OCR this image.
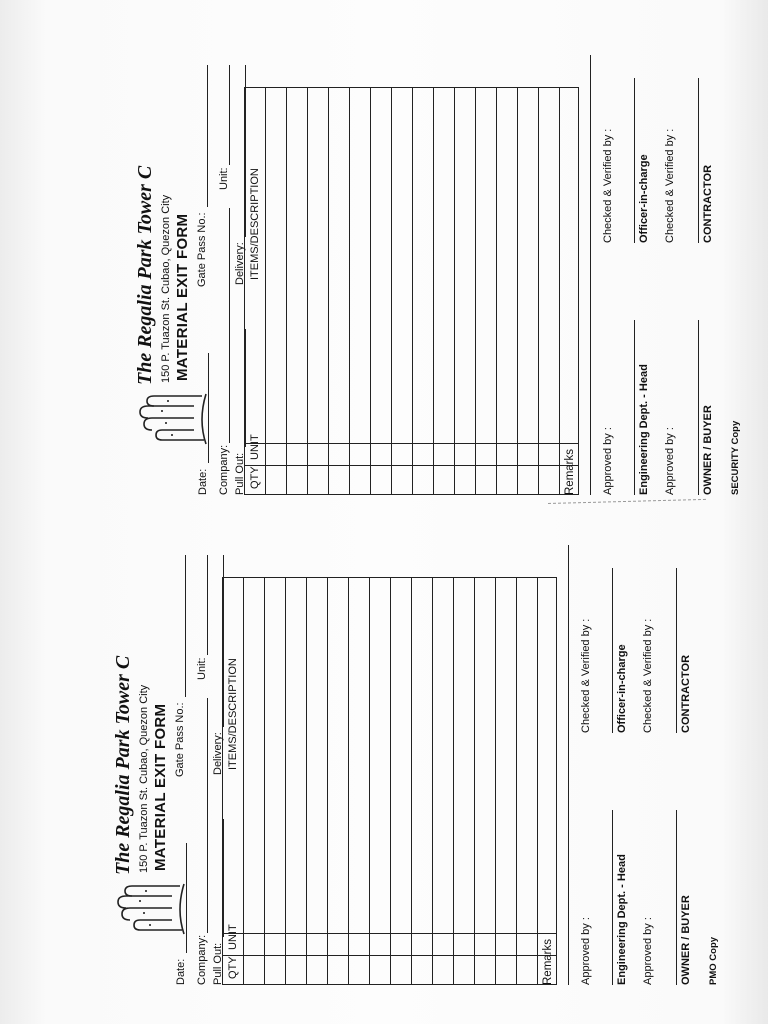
The Regalia Park Tower C 150 P. Tuazon St. Cubao, Quezon City MATERIAL EXIT FORM
Date:
Gate Pass No.:
Company:
Unit:
Pull Out:
Delivery:
QTY
UNIT
ITEMS/DESCRIPTION
Remarks Approved by :
Checked & Verified by :
Engineering Dept. - Head
Officer-in-charge
Approved by :
Checked & Verified by :
OWNER / BUYER
CONTRACTOR
PMO Copy
The Regalia Park Tower C 150 P. Tuazon St. Cubao, Quezon City MATERIAL EXIT FORM
Date:
Gate Pass No.:
Company:
Unit:
Pull Out:
Delivery:
QTY
UNIT
ITEMS/DESCRIPTION
Remarks Approved by :
Checked & Verified by :
Engineering Dept. - Head
Officer-in-charge
Approved by :
Checked & Verified by :
OWNER / BUYER
CONTRACTOR
SECURITY Copy
